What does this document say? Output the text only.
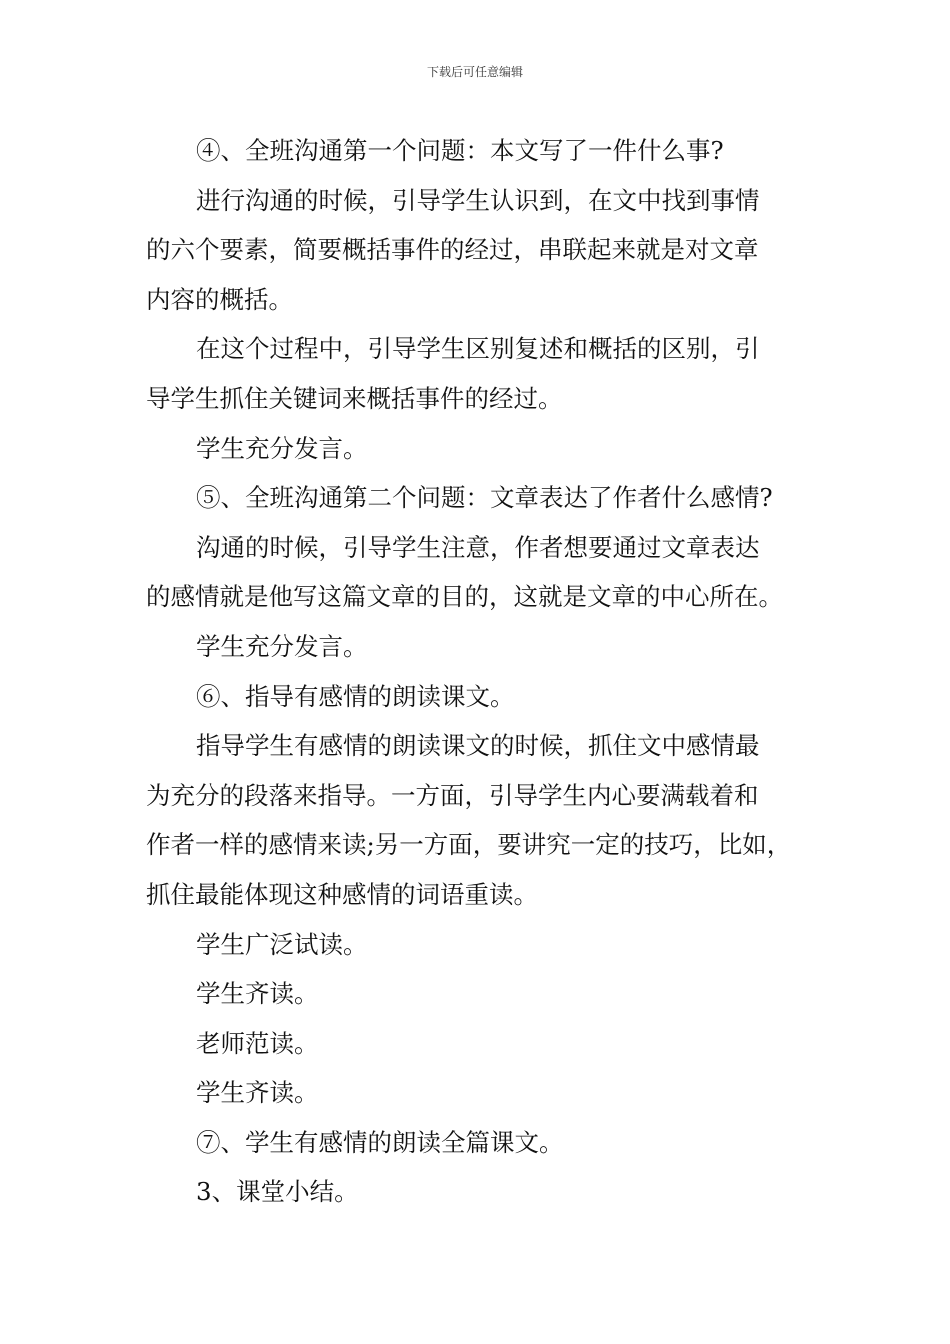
下载后可任意编辑
④、全班沟通第一个问题：本文写了一件什么事?
进行沟通的时候，引导学生认识到，在文中找到事情
的六个要素，简要概括事件的经过，串联起来就是对文章
内容的概括。
在这个过程中，引导学生区别复述和概括的区别，引
导学生抓住关键词来概括事件的经过。
学生充分发言。
⑤、全班沟通第二个问题：文章表达了作者什么感情?
沟通的时候，引导学生注意，作者想要通过文章表达
的感情就是他写这篇文章的目的，这就是文章的中心所在。
学生充分发言。
⑥、指导有感情的朗读课文。
指导学生有感情的朗读课文的时候，抓住文中感情最
为充分的段落来指导。一方面，引导学生内心要满载着和
作者一样的感情来读;另一方面，要讲究一定的技巧，比如，
抓住最能体现这种感情的词语重读。
学生广泛试读。
学生齐读。
老师范读。
学生齐读。
⑦、学生有感情的朗读全篇课文。
3、课堂小结。
